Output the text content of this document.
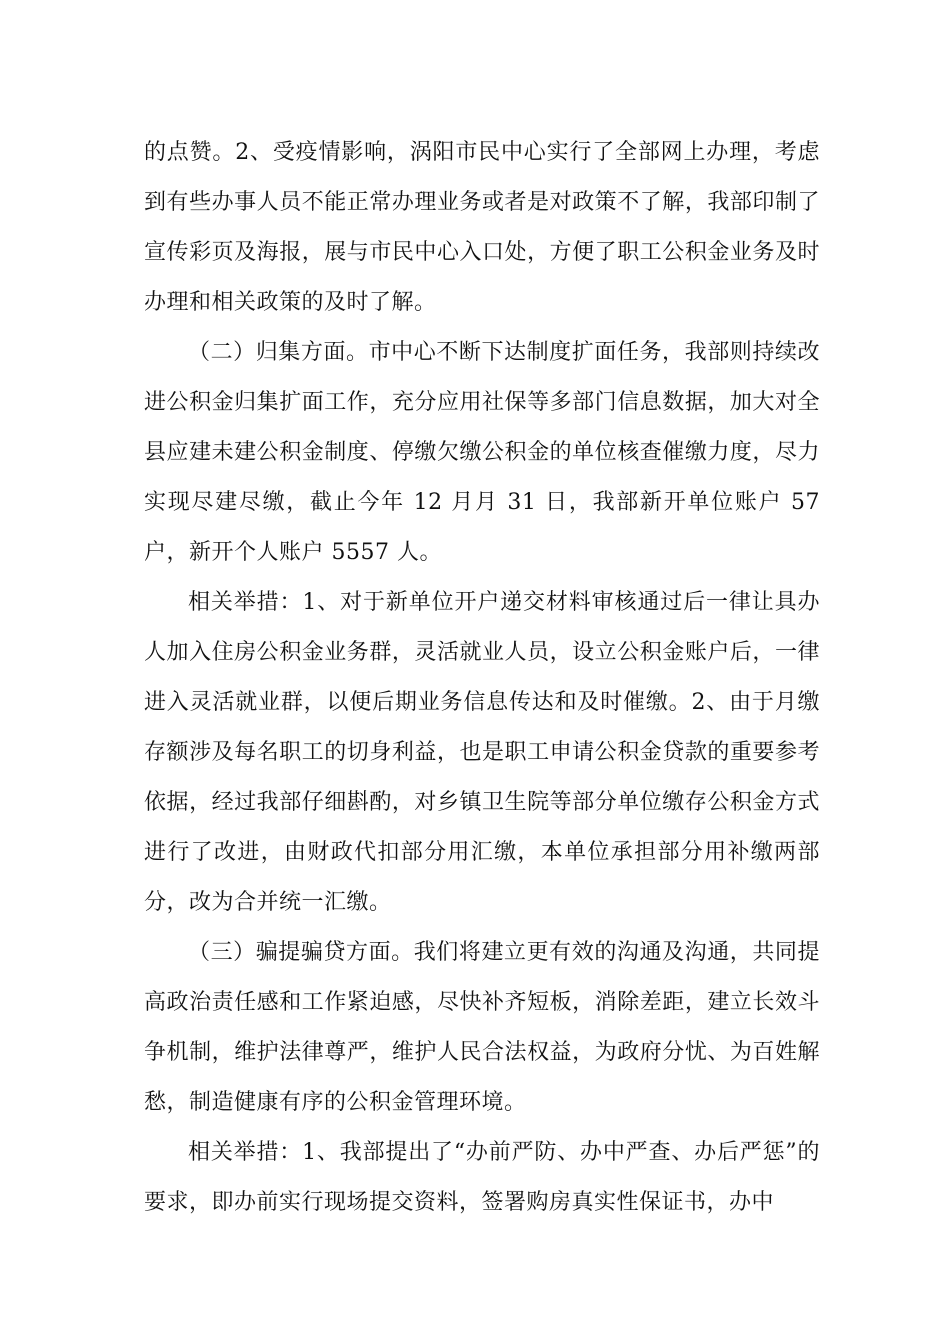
的点赞。2、受疫情影响，涡阳市民中心实行了全部网上办理，考虑到有些办事人员不能正常办理业务或者是对政策不了解，我部印制了宣传彩页及海报，展与市民中心入口处，方便了职工公积金业务及时办理和相关政策的及时了解。

（二）归集方面。市中心不断下达制度扩面任务，我部则持续改进公积金归集扩面工作，充分应用社保等多部门信息数据，加大对全县应建未建公积金制度、停缴欠缴公积金的单位核查催缴力度，尽力实现尽建尽缴，截止今年 12 月月 31 日，我部新开单位账户 57 户，新开个人账户 5557 人。

相关举措：1、对于新单位开户递交材料审核通过后一律让具办人加入住房公积金业务群，灵活就业人员，设立公积金账户后，一律进入灵活就业群，以便后期业务信息传达和及时催缴。2、由于月缴存额涉及每名职工的切身利益，也是职工申请公积金贷款的重要参考依据，经过我部仔细斟酌，对乡镇卫生院等部分单位缴存公积金方式进行了改进，由财政代扣部分用汇缴，本单位承担部分用补缴两部分，改为合并统一汇缴。

（三）骗提骗贷方面。我们将建立更有效的沟通及沟通，共同提高政治责任感和工作紧迫感，尽快补齐短板，消除差距，建立长效斗争机制，维护法律尊严，维护人民合法权益，为政府分忧、为百姓解愁，制造健康有序的公积金管理环境。

相关举措：1、我部提出了“办前严防、办中严查、办后严惩”的要求，即办前实行现场提交资料，签署购房真实性保证书，办中
